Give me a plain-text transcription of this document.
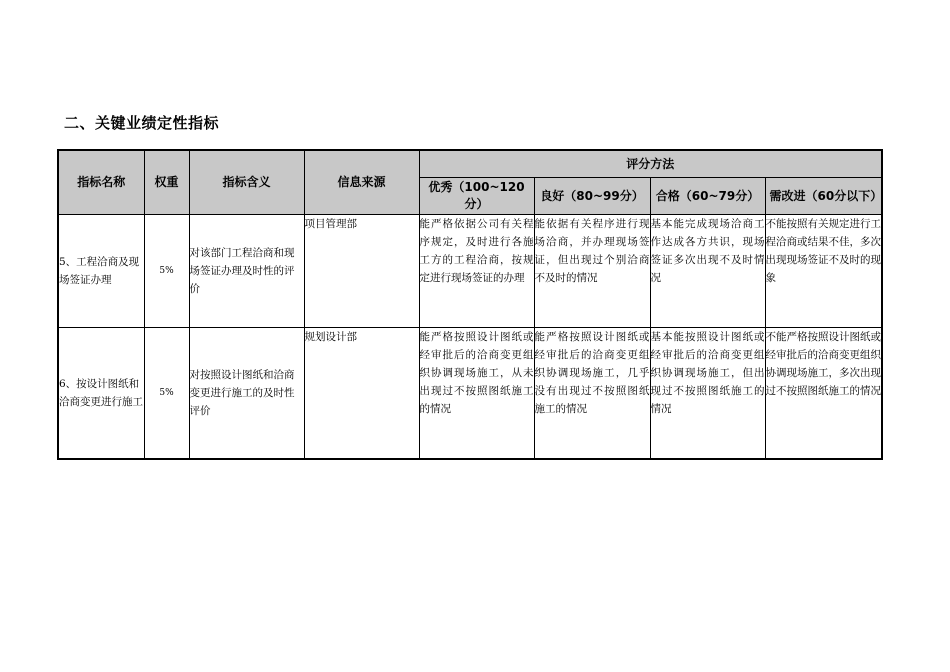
二、关键业绩定性指标
指标名称	权重	指标含义	信息来源	评分方法			
				优秀（100~120分）	良好（80~99分）	合格（60~79分）	需改进（60分以下）
5、工程洽商及现场签证办理	5%	对该部门工程洽商和现场签证办理及时性的评价	项目管理部	能严格依据公司有关程序规定，及时进行各施工方的工程洽商，按规定进行现场签证的办理	能依据有关程序进行现场洽商，并办理现场签证，但出现过个别洽商不及时的情况	基本能完成现场洽商工作达成各方共识，现场签证多次出现不及时情况	不能按照有关规定进行工程洽商或结果不佳，多次出现现场签证不及时的现象
6、按设计图纸和洽商变更进行施工	5%	对按照设计图纸和洽商变更进行施工的及时性评价	规划设计部	能严格按照设计图纸或经审批后的洽商变更组织协调现场施工，从未出现过不按照图纸施工的情况	能严格按照设计图纸或经审批后的洽商变更组织协调现场施工，几乎没有出现过不按照图纸施工的情况	基本能按照设计图纸或经审批后的洽商变更组织协调现场施工，但出现过不按照图纸施工的情况	不能严格按照设计图纸或经审批后的洽商变更组织协调现场施工，多次出现过不按照图纸施工的情况
